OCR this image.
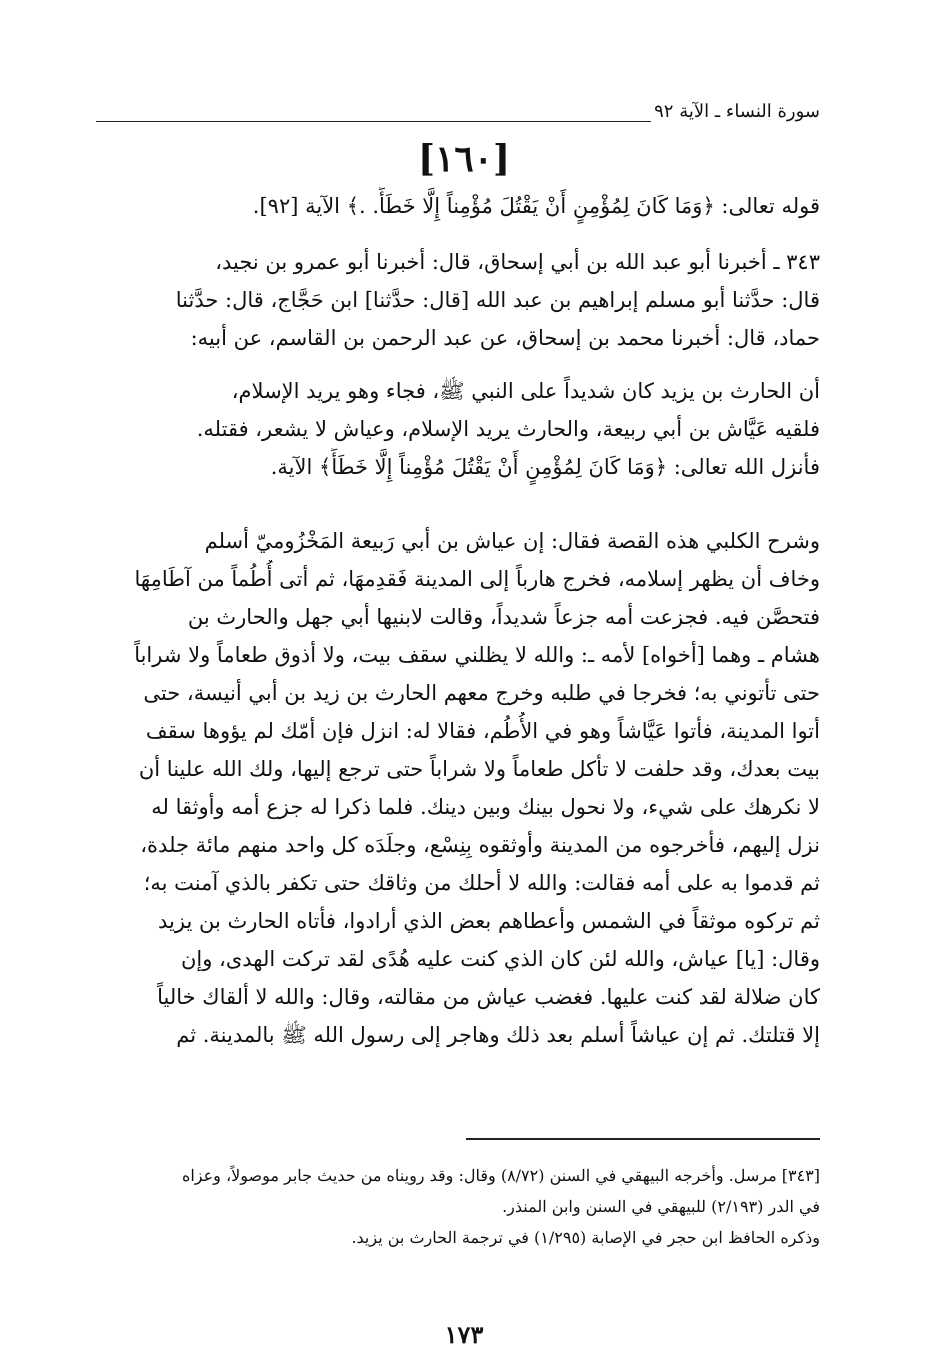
سورة النساء ـ الآية ٩٢
[١٦٠]
قوله تعالى: ﴿وَمَا كَانَ لِمُؤْمِنٍ أَنْ يَقْتُلَ مُؤْمِناً إِلَّا خَطَأً. .﴾ الآية [٩٢].
٣٤٣ ـ أخبرنا أبو عبد الله بن أبي إسحاق، قال: أخبرنا أبو عمرو بن نجيد،
قال: حدَّثنا أبو مسلم إبراهيم بن عبد الله [قال: حدَّثنا] ابن حَجَّاج، قال: حدَّثنا
حماد، قال: أخبرنا محمد بن إسحاق، عن عبد الرحمن بن القاسم، عن أبيه:
أن الحارث بن يزيد كان شديداً على النبي ﷺ، فجاء وهو يريد الإسلام،
فلقيه عَيَّاش بن أبي ربيعة، والحارث يريد الإسلام، وعياش لا يشعر، فقتله.
فأنزل الله تعالى: ﴿وَمَا كَانَ لِمُؤْمِنٍ أَنْ يَقْتُلَ مُؤْمِناً إِلَّا خَطَأً﴾ الآية.
وشرح الكلبي هذه القصة فقال: إن عياش بن أبي رَبيعة المَخْزُوميّ أسلم
وخاف أن يظهر إسلامه، فخرج هارباً إلى المدينة فَقدِمهَا، ثم أتى أُطُماً من آطَامِهَا
فتحصَّن فيه. فجزعت أمه جزعاً شديداً، وقالت لابنيها أبي جهل والحارث بن
هشام ـ وهما [أخواه] لأمه ـ: والله لا يظلني سقف بيت، ولا أذوق طعاماً ولا شراباً
حتى تأتوني به؛ فخرجا في طلبه وخرج معهم الحارث بن زيد بن أبي أنيسة، حتى
أتوا المدينة، فأتوا عَيَّاشاً وهو في الأُطُم، فقالا له: انزل فإن أمّك لم يؤوها سقف
بيت بعدك، وقد حلفت لا تأكل طعاماً ولا شراباً حتى ترجع إليها، ولك الله علينا أن
لا نكرهك على شيء، ولا نحول بينك وبين دينك. فلما ذكرا له جزع أمه وأوثقا له
نزل إليهم، فأخرجوه من المدينة وأوثقوه بِنِسْع، وجلَدَه كل واحد منهم مائة جلدة،
ثم قدموا به على أمه فقالت: والله لا أحلك من وثاقك حتى تكفر بالذي آمنت به؛
ثم تركوه موثقاً في الشمس وأعطاهم بعض الذي أرادوا، فأتاه الحارث بن يزيد
وقال: [يا] عياش، والله لئن كان الذي كنت عليه هُدًى لقد تركت الهدى، وإن
كان ضلالة لقد كنت عليها. فغضب عياش من مقالته، وقال: والله لا ألقاك خالياً
إلا قتلتك. ثم إن عياشاً أسلم بعد ذلك وهاجر إلى رسول الله ﷺ بالمدينة. ثم
[٣٤٣] مرسل. وأخرجه البيهقي في السنن (٨/٧٢) وقال: وقد رويناه من حديث جابر موصولاً، وعزاه
في الدر (٢/١٩٣) للبيهقي في السنن وابن المنذر.
وذكره الحافظ ابن حجر في الإصابة (١/٢٩٥) في ترجمة الحارث بن يزيد.
١٧٣
